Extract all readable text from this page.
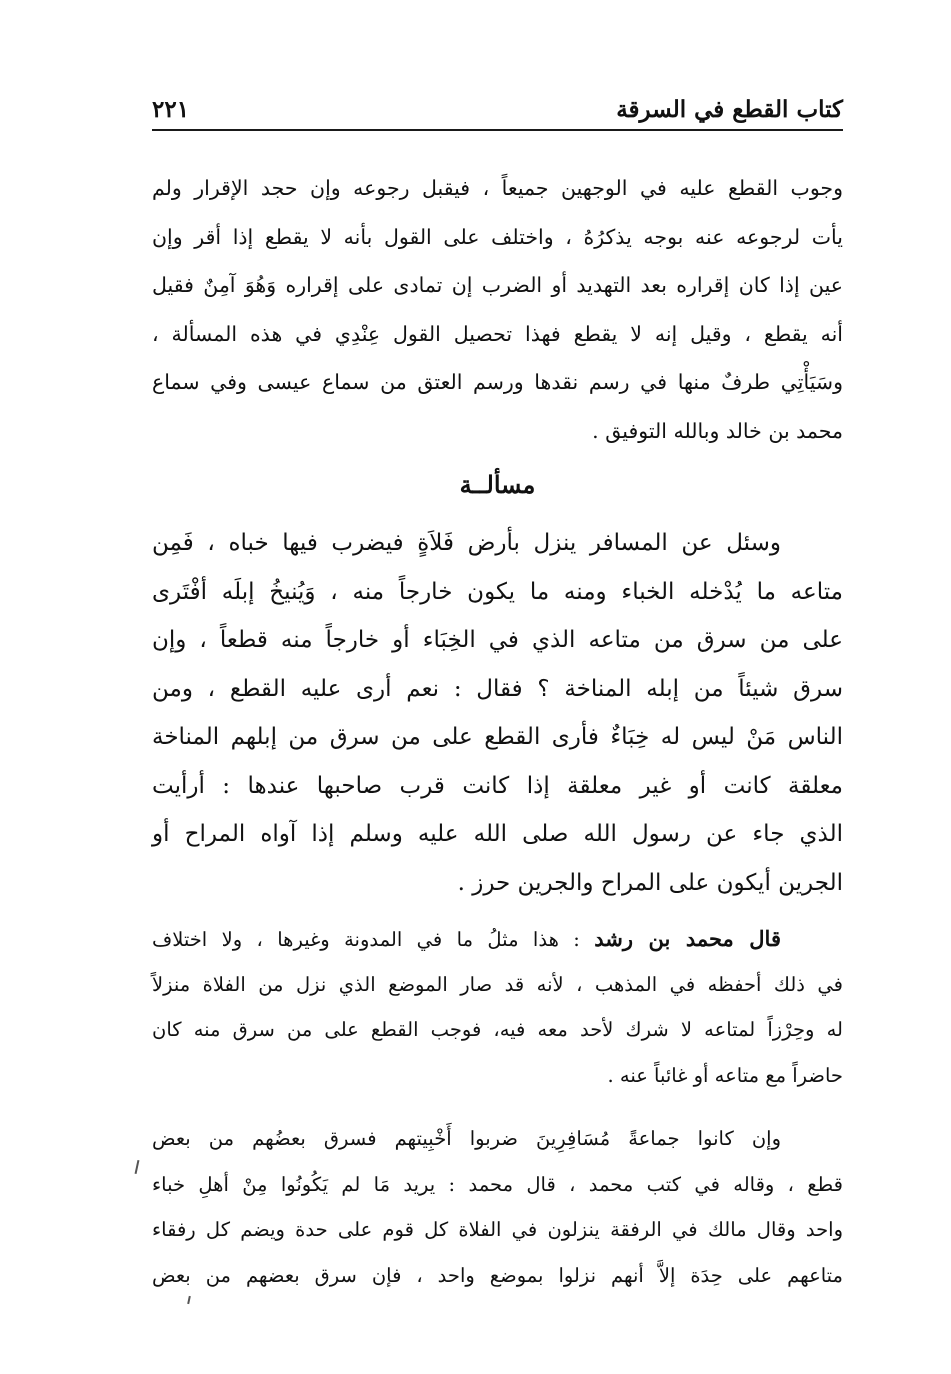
كتاب القطع في السرقة
٢٢١
وجوب القطع عليه في الوجهين جميعاً ، فيقبل رجوعه وإن حجد الإقرار ولم
يأت لرجوعه عنه بوجه يذكرُهُ ، واختلف على القول بأنه لا يقطع إذا أقر وإن
عين إذا كان إقراره بعد التهديد أو الضرب إن تمادى على إقراره وَهُوَ آمِنٌ فقيل
أنه يقطع ، وقيل إنه لا يقطع فهذا تحصيل القول عِنْدِي في هذه المسألة ،
وسَيَأْتِي طرفٌ منها في رسم نقدها ورسم العتق من سماع عيسى وفي سماع
محمد بن خالد وبالله التوفيق .
مسألــة
وسئل عن المسافر ينزل بأرض فَلاَةٍ فيضرب فيها خباه ، فَمِن
متاعه ما يُدْخله الخباء ومنه ما يكون خارجاً منه ، وَيُنيخُ إبلَه أفْتَرى
على من سرق من متاعه الذي في الخِبَاء أو خارجاً منه قطعاً ، وإن
سرق شيئاً من إبله المناخة ؟ فقال : نعم أرى عليه القطع ، ومن
الناس مَنْ ليس له خِبَاءٌ فأرى القطع على من سرق من إبلهم المناخة
معلقة كانت أو غير معلقة إذا كانت قرب صاحبها عندها : أرأيت
الذي جاء عن رسول الله صلى الله عليه وسلم إذا آواه المراح أو
الجرين أيكون على المراح والجرين حرز .
قال محمد بن رشد : هذا مثلُ ما في المدونة وغيرها ، ولا اختلاف
في ذلك أحفظه في المذهب ، لأنه قد صار الموضع الذي نزل من الفلاة منزلاً
له وحِرْزاً لمتاعه لا شرك لأحد معه فيه، فوجب القطع على من سرق منه كان
حاضراً مع متاعه أو غائباً عنه .
وإن كانوا جماعةً مُسَافِرِينَ ضربوا أَخْبِيتهم فسرق بعضُهم من بعض
قطع ، وقاله في كتب محمد ، قال محمد : يريد مَا لم يَكُونُوا مِنْ أهلِ خباء
واحد وقال مالك في الرفقة ينزلون في الفلاة كل قوم على حدة ويضم كل رفقاء
متاعهم على حِدَة إلاَّ أنهم نزلوا بموضع واحد ، فإن سرق بعضهم من بعض
